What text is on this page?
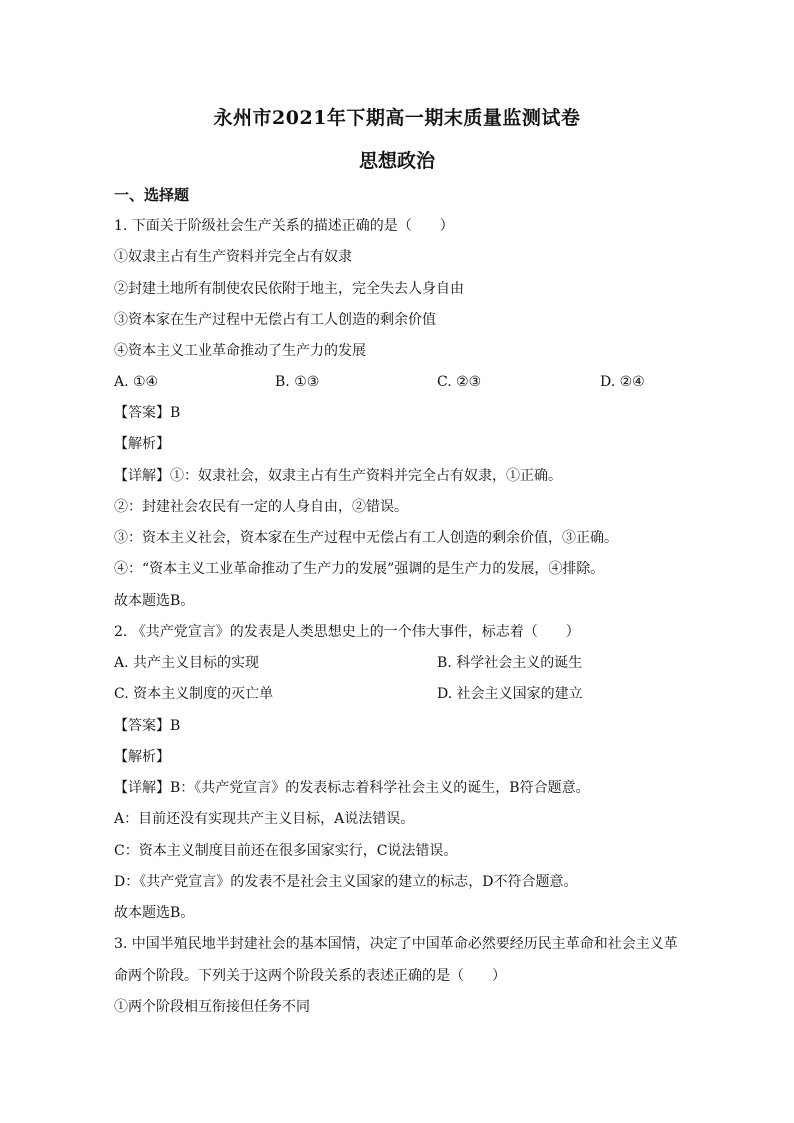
永州市2021年下期高一期末质量监测试卷
思想政治
一、选择题
1. 下面关于阶级社会生产关系的描述正确的是（　　）
①奴隶主占有生产资料并完全占有奴隶
②封建土地所有制使农民依附于地主，完全失去人身自由
③资本家在生产过程中无偿占有工人创造的剩余价值
④资本主义工业革命推动了生产力的发展
A. ①④	B. ①③	C. ②③	D. ②④
【答案】B
【解析】
【详解】①：奴隶社会，奴隶主占有生产资料并完全占有奴隶，①正确。
②：封建社会农民有一定的人身自由，②错误。
③：资本主义社会，资本家在生产过程中无偿占有工人创造的剩余价值，③正确。
④：“资本主义工业革命推动了生产力的发展”强调的是生产力的发展，④排除。
故本题选B。
2. 《共产党宣言》的发表是人类思想史上的一个伟大事件，标志着（　　）
A. 共产主义目标的实现	B. 科学社会主义的诞生
C. 资本主义制度的灭亡单	D. 社会主义国家的建立
【答案】B
【解析】
【详解】B：《共产党宣言》的发表标志着科学社会主义的诞生，B符合题意。
A：目前还没有实现共产主义目标，A说法错误。
C：资本主义制度目前还在很多国家实行，C说法错误。
D：《共产党宣言》的发表不是社会主义国家的建立的标志，D不符合题意。
故本题选B。
3. 中国半殖民地半封建社会的基本国情，决定了中国革命必然要经历民主革命和社会主义革
命两个阶段。下列关于这两个阶段关系的表述正确的是（　　）
①两个阶段相互衔接但任务不同
